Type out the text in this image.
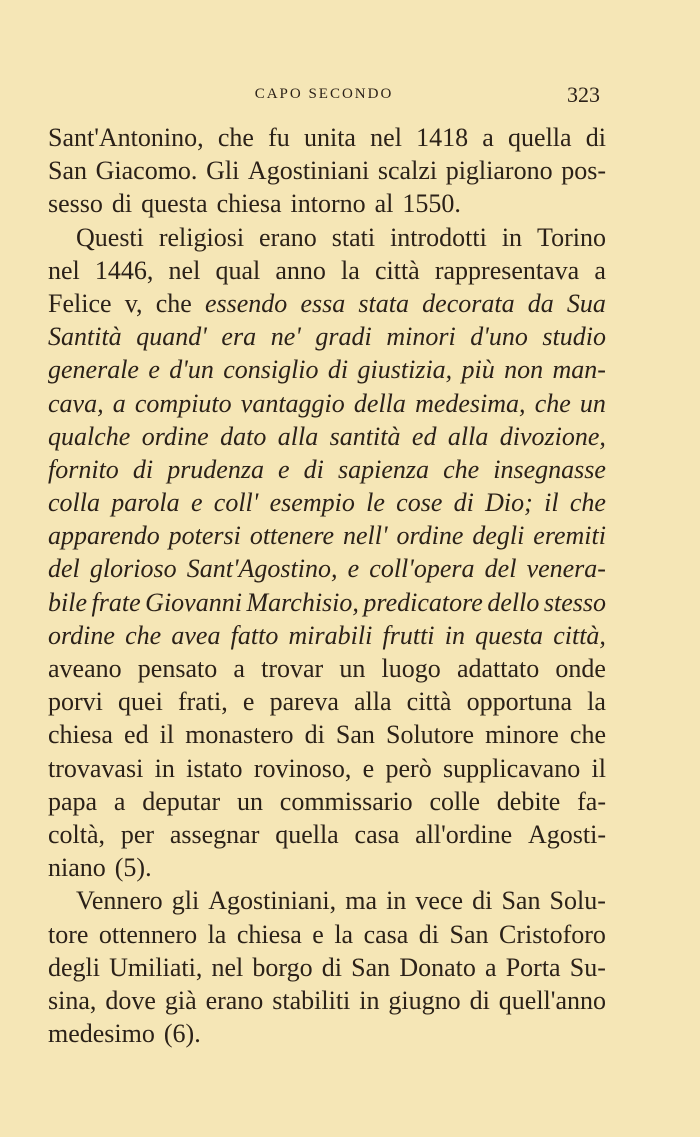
CAPO SECONDO	323
Sant'Antonino, che fu unita nel 1418 a quella di
San Giacomo. Gli Agostiniani scalzi pigliarono pos-
sesso di questa chiesa intorno al 1550.
Questi religiosi erano stati introdotti in Torino
nel 1446, nel qual anno la città rappresentava a
Felice v, che essendo essa stata decorata da Sua
Santità quand' era ne' gradi minori d'uno studio
generale e d'un consiglio di giustizia, più non man-
cava, a compiuto vantaggio della medesima, che un
qualche ordine dato alla santità ed alla divozione,
fornito di prudenza e di sapienza che insegnasse
colla parola e coll' esempio le cose di Dio; il che
apparendo potersi ottenere nell' ordine degli eremiti
del glorioso Sant'Agostino, e coll'opera del venera-
bile frate Giovanni Marchisio, predicatore dello stesso
ordine che avea fatto mirabili frutti in questa città,
aveano pensato a trovar un luogo adattato onde
porvi quei frati, e pareva alla città opportuna la
chiesa ed il monastero di San Solutore minore che
trovavasi in istato rovinoso, e però supplicavano il
papa a deputar un commissario colle debite fa-
coltà, per assegnar quella casa all'ordine Agosti-
niano (5).
Vennero gli Agostiniani, ma in vece di San Solu-
tore ottennero la chiesa e la casa di San Cristoforo
degli Umiliati, nel borgo di San Donato a Porta Su-
sina, dove già erano stabiliti in giugno di quell'anno
medesimo (6).
